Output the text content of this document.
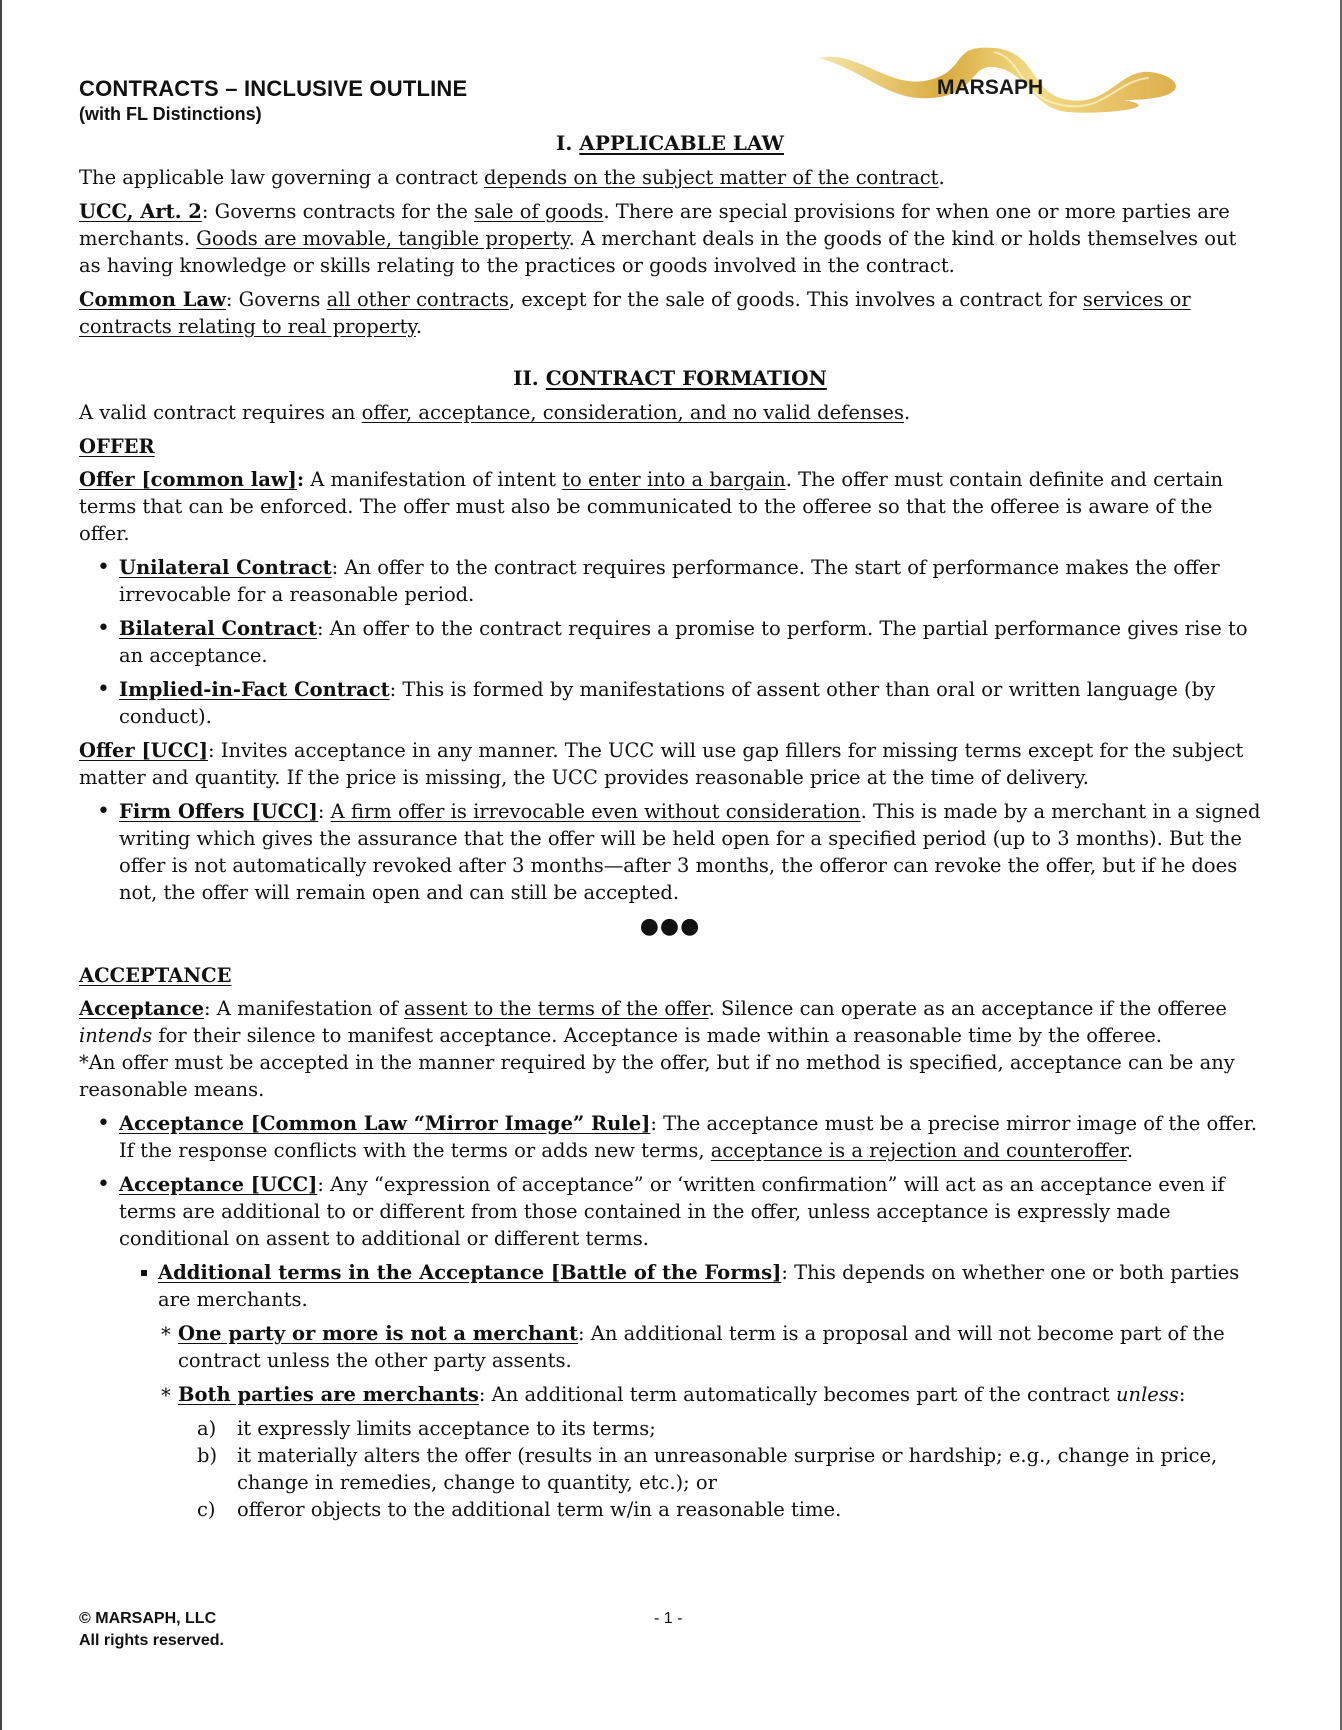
CONTRACTS – INCLUSIVE OUTLINE
(with FL Distinctions)
MARSAPH
I. APPLICABLE LAW

The applicable law governing a contract depends on the subject matter of the contract.

UCC, Art. 2: Governs contracts for the sale of goods. There are special provisions for when one or more parties are merchants. Goods are movable, tangible property. A merchant deals in the goods of the kind or holds themselves out as having knowledge or skills relating to the practices or goods involved in the contract.

Common Law: Governs all other contracts, except for the sale of goods. This involves a contract for services or contracts relating to real property.

II. CONTRACT FORMATION

A valid contract requires an offer, acceptance, consideration, and no valid defenses.

OFFER

Offer [common law]: A manifestation of intent to enter into a bargain. The offer must contain definite and certain terms that can be enforced. The offer must also be communicated to the offeree so that the offeree is aware of the offer.

• Unilateral Contract: An offer to the contract requires performance. The start of performance makes the offer irrevocable for a reasonable period.
• Bilateral Contract: An offer to the contract requires a promise to perform. The partial performance gives rise to an acceptance.
• Implied-in-Fact Contract: This is formed by manifestations of assent other than oral or written language (by conduct).

Offer [UCC]: Invites acceptance in any manner. The UCC will use gap fillers for missing terms except for the subject matter and quantity. If the price is missing, the UCC provides reasonable price at the time of delivery.

• Firm Offers [UCC]: A firm offer is irrevocable even without consideration. This is made by a merchant in a signed writing which gives the assurance that the offer will be held open for a specified period (up to 3 months). But the offer is not automatically revoked after 3 months—after 3 months, the offeror can revoke the offer, but if he does not, the offer will remain open and can still be accepted.
●●●
ACCEPTANCE

Acceptance: A manifestation of assent to the terms of the offer. Silence can operate as an acceptance if the offeree intends for their silence to manifest acceptance. Acceptance is made within a reasonable time by the offeree.

*An offer must be accepted in the manner required by the offer, but if no method is specified, acceptance can be any reasonable means.

• Acceptance [Common Law “Mirror Image” Rule]: The acceptance must be a precise mirror image of the offer. If the response conflicts with the terms or adds new terms, acceptance is a rejection and counteroffer.
• Acceptance [UCC]: Any “expression of acceptance” or ‘written confirmation” will act as an acceptance even if terms are additional to or different from those contained in the offer, unless acceptance is expressly made conditional on assent to additional or different terms.
Additional terms in the Acceptance [Battle of the Forms]: This depends on whether one or both parties are merchants.
* One party or more is not a merchant: An additional term is a proposal and will not become part of the contract unless the other party assents.
* Both parties are merchants: An additional term automatically becomes part of the contract unless:
a) it expressly limits acceptance to its terms;
b) it materially alters the offer (results in an unreasonable surprise or hardship; e.g., change in price, change in remedies, change to quantity, etc.); or
c) offeror objects to the additional term w/in a reasonable time.
© MARSAPH, LLC
All rights reserved.
- 1 -
